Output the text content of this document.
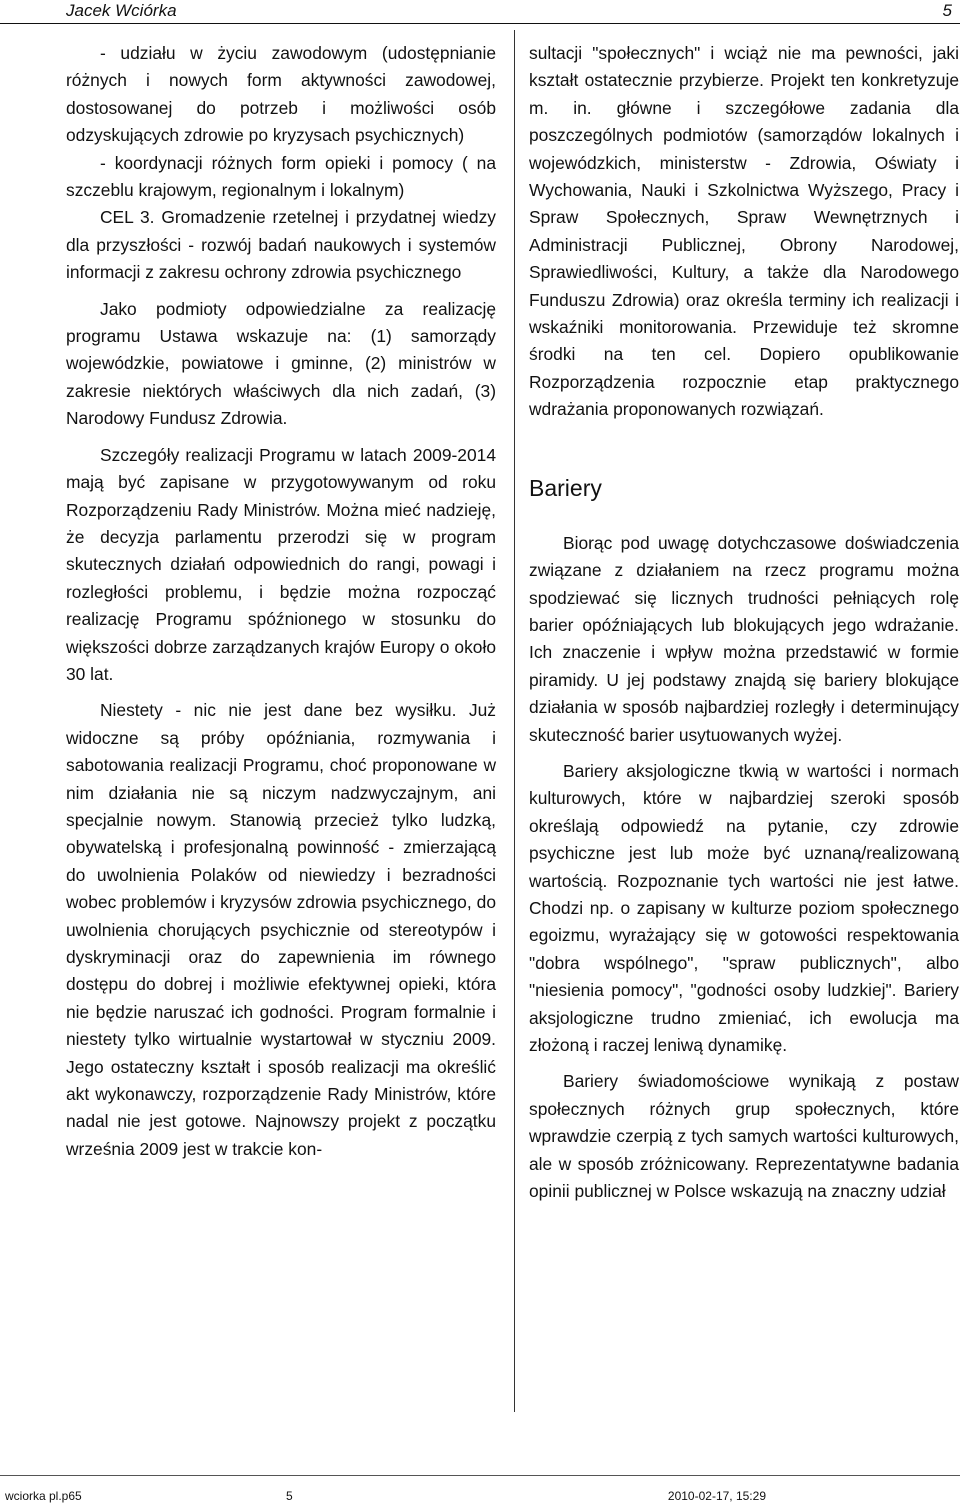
Jacek Wciórka	5

- udziału w życiu zawodowym (udostępnianie różnych i nowych form aktywności zawodowej, dostosowanej do potrzeb i możliwości osób odzyskujących zdrowie po kryzysach psychicznych)

- koordynacji różnych form opieki i pomocy ( na szczeblu krajowym, regionalnym i lokalnym)

CEL 3. Gromadzenie rzetelnej i przydatnej wiedzy dla przyszłości - rozwój badań naukowych i systemów informacji z zakresu ochrony zdrowia psychicznego

Jako podmioty odpowiedzialne za realizację programu Ustawa wskazuje na: (1) samorządy wojewódzkie, powiatowe i gminne, (2) ministrów w zakresie niektórych właściwych dla nich zadań, (3) Narodowy Fundusz Zdrowia.

Szczegóły realizacji Programu w latach 2009-2014 mają być zapisane w przygotowywanym od roku Rozporządzeniu Rady Ministrów. Można mieć nadzieję, że decyzja parlamentu przerodzi się w program skutecznych działań odpowiednich do rangi, powagi i rozległości problemu, i będzie można rozpocząć realizację Programu spóźnionego w stosunku do większości dobrze zarządzanych krajów Europy o około 30 lat.

Niestety - nic nie jest dane bez wysiłku. Już widoczne są próby opóźniania, rozmywania i sabotowania realizacji Programu, choć proponowane w nim działania nie są niczym nadzwyczajnym, ani specjalnie nowym. Stanowią przecież tylko ludzką, obywatelską i profesjonalną powinność - zmierzającą do uwolnienia Polaków od niewiedzy i bezradności wobec problemów i kryzysów zdrowia psychicznego, do uwolnienia chorujących psychicznie od stereotypów i dyskryminacji oraz do zapewnienia im równego dostępu do dobrej i możliwie efektywnej opieki, która nie będzie naruszać ich godności. Program formalnie i niestety tylko wirtualnie wystartował w styczniu 2009. Jego ostateczny kształt i sposób realizacji ma określić akt wykonawczy, rozporządzenie Rady Ministrów, które nadal nie jest gotowe. Najnowszy projekt z początku września 2009 jest w trakcie kon-

sultacji "społecznych" i wciąż nie ma pewności, jaki kształt ostatecznie przybierze. Projekt ten konkretyzuje m. in. główne i szczegółowe zadania dla poszczególnych podmiotów (samorządów lokalnych i wojewódzkich, ministerstw - Zdrowia, Oświaty i Wychowania, Nauki i Szkolnictwa Wyższego, Pracy i Spraw Społecznych, Spraw Wewnętrznych i Administracji Publicznej, Obrony Narodowej, Sprawiedliwości, Kultury, a także dla Narodowego Funduszu Zdrowia) oraz określa terminy ich realizacji i wskaźniki monitorowania. Przewiduje też skromne środki na ten cel. Dopiero opublikowanie Rozporządzenia rozpocznie etap praktycznego wdrażania proponowanych rozwiązań.

Bariery

Biorąc pod uwagę dotychczasowe doświadczenia związane z działaniem na rzecz programu można spodziewać się licznych trudności pełniących rolę barier opóźniających lub blokujących jego wdrażanie. Ich znaczenie i wpływ można przedstawić w formie piramidy. U jej podstawy znajdą się bariery blokujące działania w sposób najbardziej rozległy i determinujący skuteczność barier usytuowanych wyżej.

Bariery aksjologiczne tkwią w wartości i normach kulturowych, które w najbardziej szeroki sposób określają odpowiedź na pytanie, czy zdrowie psychiczne jest lub może być uznaną/realizowaną wartością. Rozpoznanie tych wartości nie jest łatwe. Chodzi np. o zapisany w kulturze poziom społecznego egoizmu, wyrażający się w gotowości respektowania "dobra wspólnego", "spraw publicznych", albo "niesienia pomocy", "godności osoby ludzkiej". Bariery aksjologiczne trudno zmieniać, ich ewolucja ma złożoną i raczej leniwą dynamikę.

Bariery świadomościowe wynikają z postaw społecznych różnych grup społecznych, które wprawdzie czerpią z tych samych wartości kulturowych, ale w sposób zróżnicowany. Reprezentatywne badania opinii publicznej w Polsce wskazują na znaczny udział

wciorka pl.p65	5	2010-02-17, 15:29
